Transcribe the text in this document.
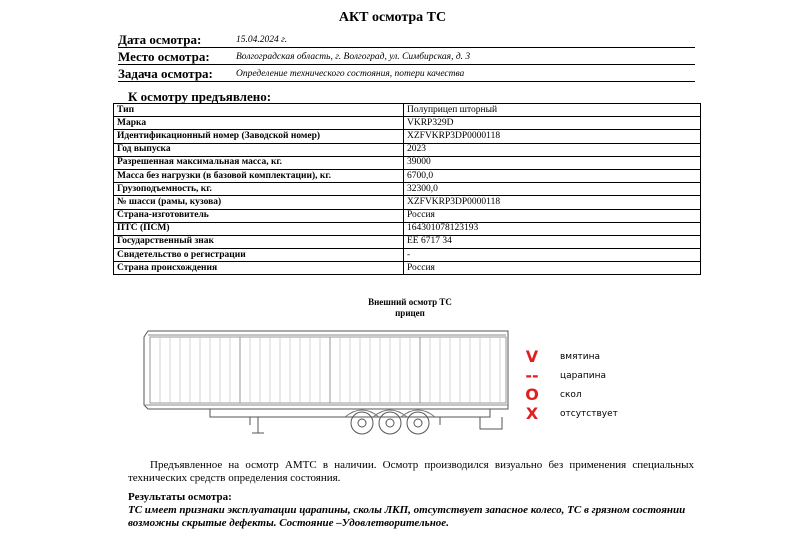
АКТ осмотра ТС
Дата осмотра:	15.04.2024 г.
Место осмотра:	Волгоградская область, г. Волгоград, ул. Симбирская, д. 3
Задача осмотра: Определение технического состояния, потери качества
К осмотру предъявлено:
Тип	Полуприцеп шторный
Марка	VKRP329D
Идентификационный номер (Заводской номер)	XZFVKRP3DP0000118
Год выпуска	2023
Разрешенная максимальная масса, кг.	39000
Масса без нагрузки (в базовой комплектации), кг.	6700,0
Грузоподъемность, кг.	32300,0
№ шасси (рамы, кузова)	XZFVKRP3DP0000118
Страна-изготовитель	Россия
ПТС (ПСМ)	164301078123193
Государственный знак	ЕЕ 6717 34
Свидетельство о регистрации	-
Страна происхождения	Россия
Внешний осмотр ТС
прицеп
V вмятина
-- царапина
O скол
X отсутствует

Предъявленное на осмотр АМТС в наличии. Осмотр производился визуально без применения специальных технических средств определения состояния.

Результаты осмотра:
ТС имеет признаки эксплуатации царапины, сколы ЛКП, отсутствует запасное колесо, ТС в грязном состоянии возможны скрытые дефекты. Состояние –Удовлетворительное.
